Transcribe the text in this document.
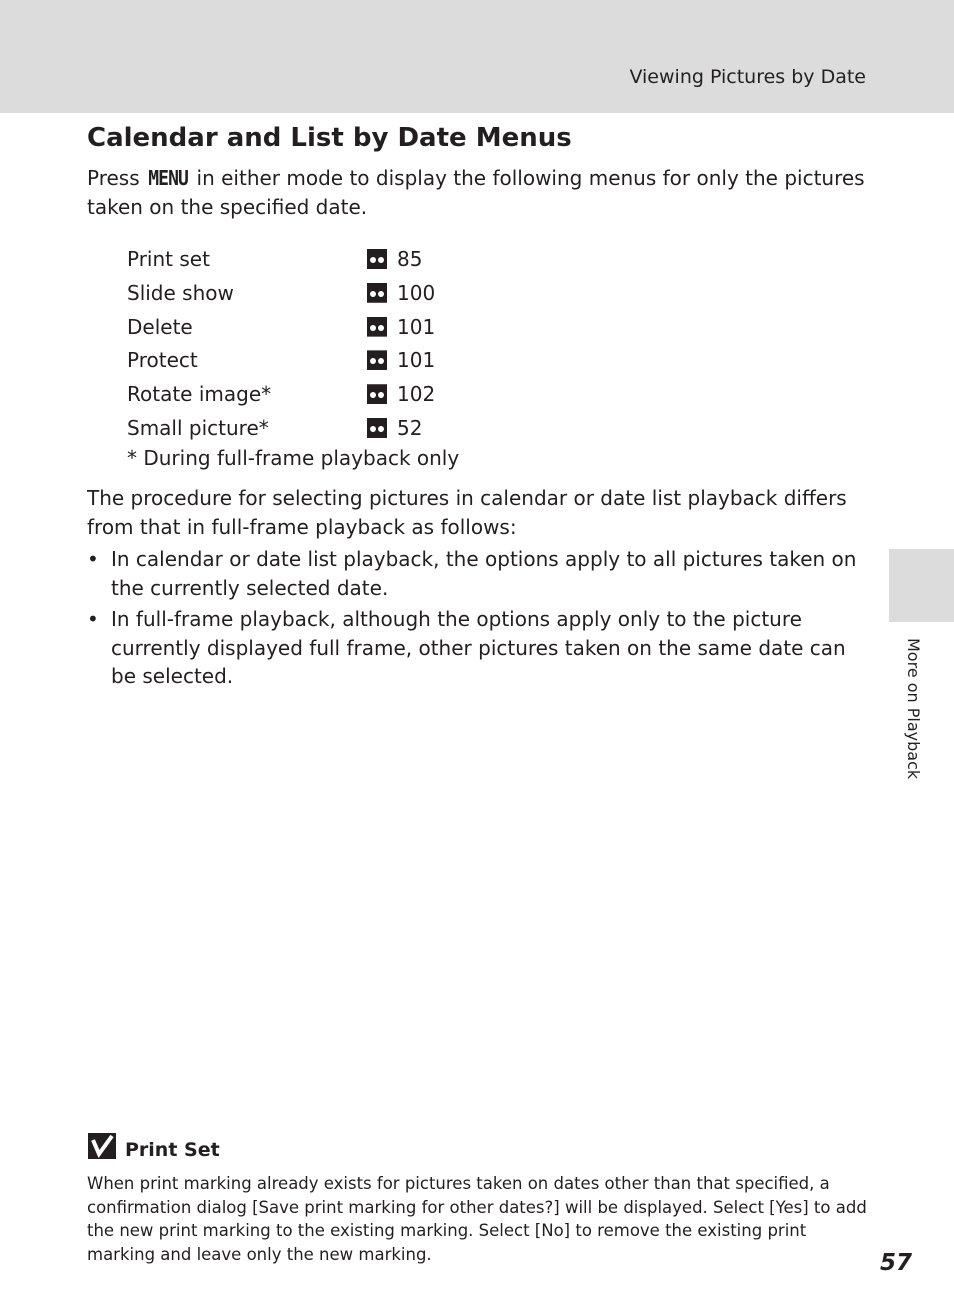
Viewing Pictures by Date
Calendar and List by Date Menus

Press MENU in either mode to display the following menus for only the pictures taken on the specified date.

Print set	85
Slide show	100
Delete	101
Protect	101
Rotate image*	102
Small picture*	52
* During full-frame playback only

The procedure for selecting pictures in calendar or date list playback differs from that in full-frame playback as follows:

• In calendar or date list playback, the options apply to all pictures taken on the currently selected date.
• In full-frame playback, although the options apply only to the picture currently displayed full frame, other pictures taken on the same date can be selected.	More on Playback
Print Set

When print marking already exists for pictures taken on dates other than that specified, a confirmation dialog [Save print marking for other dates?] will be displayed. Select [Yes] to add the new print marking to the existing marking. Select [No] to remove the existing print marking and leave only the new marking.	57
